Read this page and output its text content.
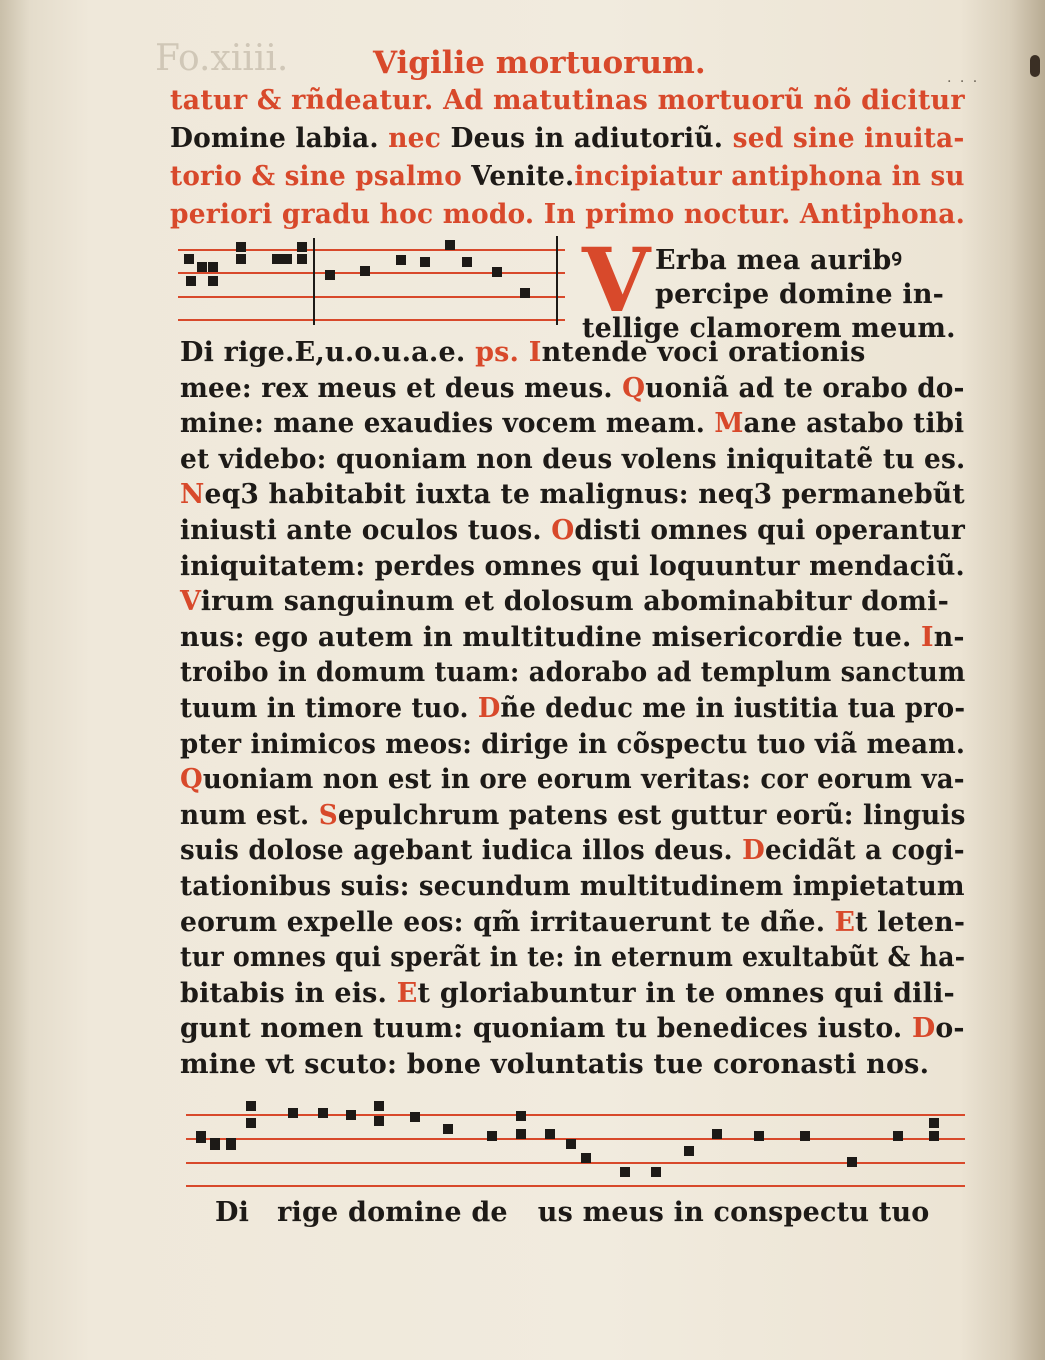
Fo.xiiii.	Vigilie mortuorum.	. . .
tatur & rñdeatur. Ad matutinas mortuorũ nõ dicitur
Domine labia. nec Deus in adiutoriũ. sed sine inuita-
torio & sine psalmo Venite.incipiatur antiphona in su
periori gradu hoc modo. In primo noctur. Antiphona.
V Erba mea auribꝰ
percipe domine in-
tellige clamorem meum.
Di rige.E,u.o.u.a.e. ps. Intende voci orationis
mee: rex meus et deus meus. Quoniã ad te orabo do-
mine: mane exaudies vocem meam. Mane astabo tibi
et videbo: quoniam non deus volens iniquitatẽ tu es.
Neq3 habitabit iuxta te malignus: neq3 permanebũt
iniusti ante oculos tuos. Odisti omnes qui operantur
iniquitatem: perdes omnes qui loquuntur mendaciũ.
Virum sanguinum et dolosum abominabitur domi-
nus: ego autem in multitudine misericordie tue. In-
troibo in domum tuam: adorabo ad templum sanctum
tuum in timore tuo. Dñe deduc me in iustitia tua pro-
pter inimicos meos: dirige in cõspectu tuo viã meam.
Quoniam non est in ore eorum veritas: cor eorum va-
num est. Sepulchrum patens est guttur eorũ: linguis
suis dolose agebant iudica illos deus. Decidãt a cogi-
tationibus suis: secundum multitudinem impietatum
eorum expelle eos: qm̃ irritauerunt te dñe. Et leten-
tur omnes qui sperãt in te: in eternum exultabũt & ha-
bitabis in eis. Et gloriabuntur in te omnes qui dili-
gunt nomen tuum: quoniam tu benedices iusto. Do-
mine vt scuto: bone voluntatis tue coronasti nos.
Di rige domine de us meus in conspectu tuo
